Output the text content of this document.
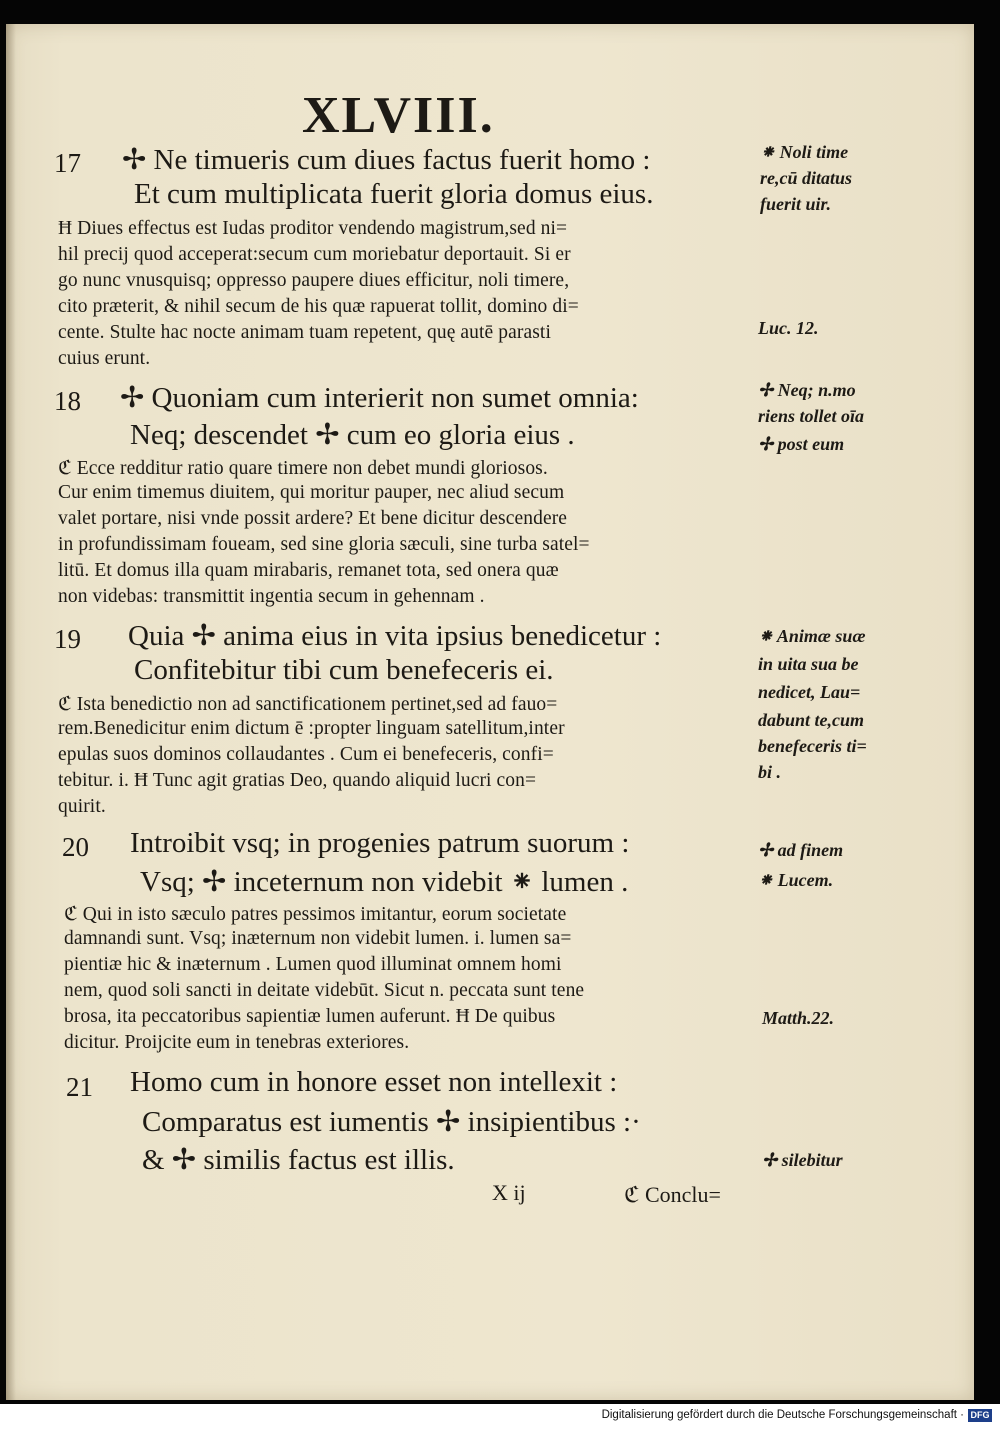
XLVIII.
17 ✢ Ne timueris cum diues factus fuerit homo :
Et cum multiplicata fuerit gloria domus eius.
Ħ Diues effectus est Iudas proditor vendendo magistrum,sed ni=
hil precij quod acceperat:secum cum moriebatur deportauit. Si er
go nunc vnusquisq; oppresso paupere diues efficitur, noli timere,
cito præterit, & nihil secum de his quæ rapuerat tollit, domino di=
cente. Stulte hac nocte animam tuam repetent, quę autē parasti
cuius erunt.
18 ✢ Quoniam cum interierit non sumet omnia:
Neq; descendet ✢ cum eo gloria eius .
ℭ Ecce redditur ratio quare timere non debet mundi gloriosos.
Cur enim timemus diuitem, qui moritur pauper, nec aliud secum
valet portare, nisi vnde possit ardere? Et bene dicitur descendere
in profundissimam foueam, sed sine gloria sæculi, sine turba satel=
litū. Et domus illa quam mirabaris, remanet tota, sed onera quæ
non videbas: transmittit ingentia secum in gehennam .
19 Quia ✢ anima eius in vita ipsius benedicetur :
Confitebitur tibi cum benefeceris ei.
ℭ Ista benedictio non ad sanctificationem pertinet,sed ad fauo=
rem.Benedicitur enim dictum ē :propter linguam satellitum,inter
epulas suos dominos collaudantes . Cum ei benefeceris, confi=
tebitur. i. Ħ Tunc agit gratias Deo, quando aliquid lucri con=
quirit.
20 Introibit vsq; in progenies patrum suorum :
Vsq; ✢ inceternum non videbit ⁕ lumen .
ℭ Qui in isto sæculo patres pessimos imitantur, eorum societate
damnandi sunt. Vsq; inæternum non videbit lumen. i. lumen sa=
pientiæ hic & inæternum . Lumen quod illuminat omnem homi
nem, quod soli sancti in deitate videbūt. Sicut n. peccata sunt tene
brosa, ita peccatoribus sapientiæ lumen auferunt. Ħ De quibus
dicitur. Proijcite eum in tenebras exteriores.
21 Homo cum in honore esset non intellexit :
Comparatus est iumentis ✢ insipientibus :·
& ✢ similis factus est illis.
X ij	ℭ Conclu=
⁕ Noli time
re,cū ditatus
fuerit uir.
Luc. 12.
✢ Neq; n.mo
riens tollet oīa
✢ post eum
⁕ Animæ suæ
in uita sua be
nedicet, Lau=
dabunt te,cum
benefeceris ti=
bi .
✢ ad finem
⁕ Lucem.
Matth.22.
✢ silebitur
Digitalisierung gefördert durch die Deutsche Forschungsgemeinschaft · DFG
